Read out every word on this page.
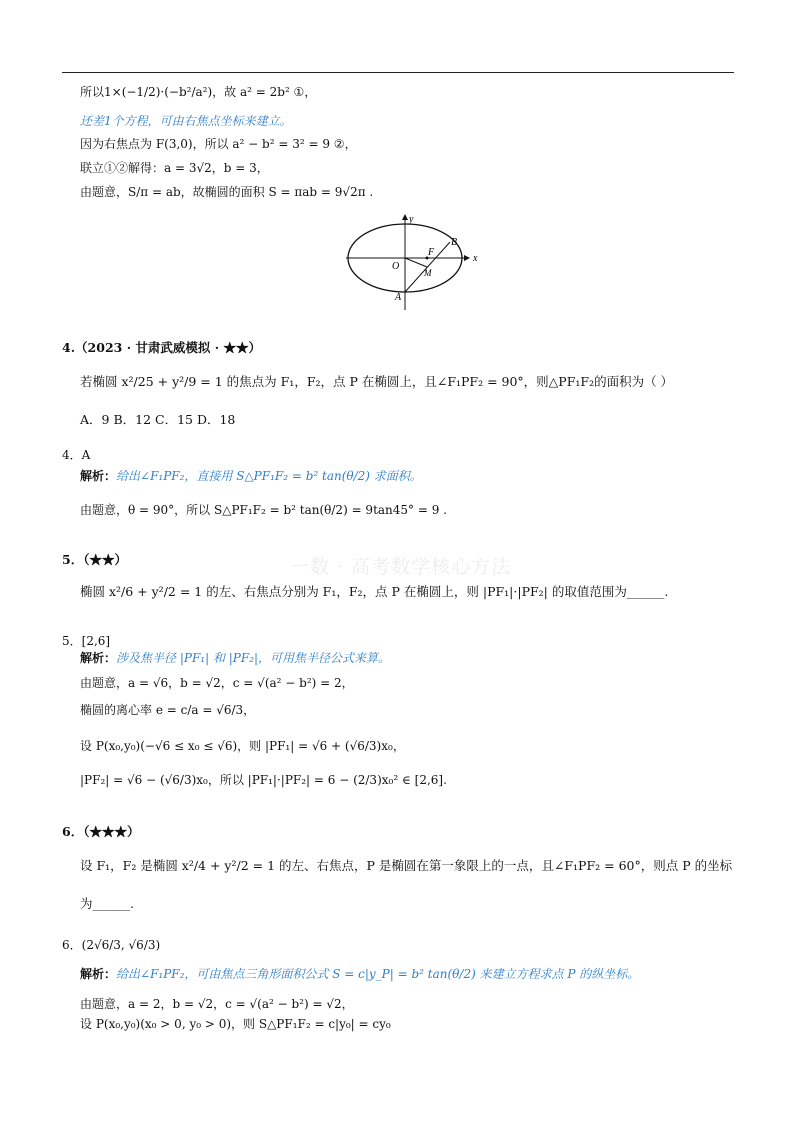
一数 · 高考数学核心方法
所以1×(−1/2)·(−b²/a²)，故 a² = 2b² ①，
还差1个方程，可由右焦点坐标来建立。
因为右焦点为 F(3,0)，所以 a² − b² = 3² = 9 ②，
联立①②解得：a = 3√2，b = 3，
由题意，S/π = ab，故椭圆的面积 S = πab = 9√2π .
x
y
O
A
B
F
M
4.（2023 · 甘肃武威模拟 · ★★）
若椭圆 x²/25 + y²/9 = 1 的焦点为 F₁，F₂，点 P 在椭圆上，且∠F₁PF₂ = 90°，则△PF₁F₂的面积为（ ）
A．9 B．12 C．15 D．18
4．A
解析：给出∠F₁PF₂，直接用 S△PF₁F₂ = b² tan(θ/2) 求面积。
由题意，θ = 90°，所以 S△PF₁F₂ = b² tan(θ/2) = 9tan45° = 9 .
5．（★★）
椭圆 x²/6 + y²/2 = 1 的左、右焦点分别为 F₁，F₂，点 P 在椭圆上，则 |PF₁|·|PF₂| 的取值范围为______.
5．[2,6]
解析：涉及焦半径 |PF₁| 和 |PF₂|，可用焦半径公式来算。
由题意，a = √6，b = √2，c = √(a² − b²) = 2，
椭圆的离心率 e = c/a = √6/3，
设 P(x₀,y₀)(−√6 ≤ x₀ ≤ √6)，则 |PF₁| = √6 + (√6/3)x₀，
|PF₂| = √6 − (√6/3)x₀，所以 |PF₁|·|PF₂| = 6 − (2/3)x₀² ∈ [2,6].
6．（★★★）
设 F₁，F₂ 是椭圆 x²/4 + y²/2 = 1 的左、右焦点，P 是椭圆在第一象限上的一点，且∠F₁PF₂ = 60°，则点 P 的坐标
为______.
6．(2√6/3, √6/3)
解析：给出∠F₁PF₂，可由焦点三角形面积公式 S = c|y_P| = b² tan(θ/2) 来建立方程求点 P 的纵坐标。
由题意，a = 2，b = √2，c = √(a² − b²) = √2，
设 P(x₀,y₀)(x₀ > 0, y₀ > 0)，则 S△PF₁F₂ = c|y₀| = cy₀
